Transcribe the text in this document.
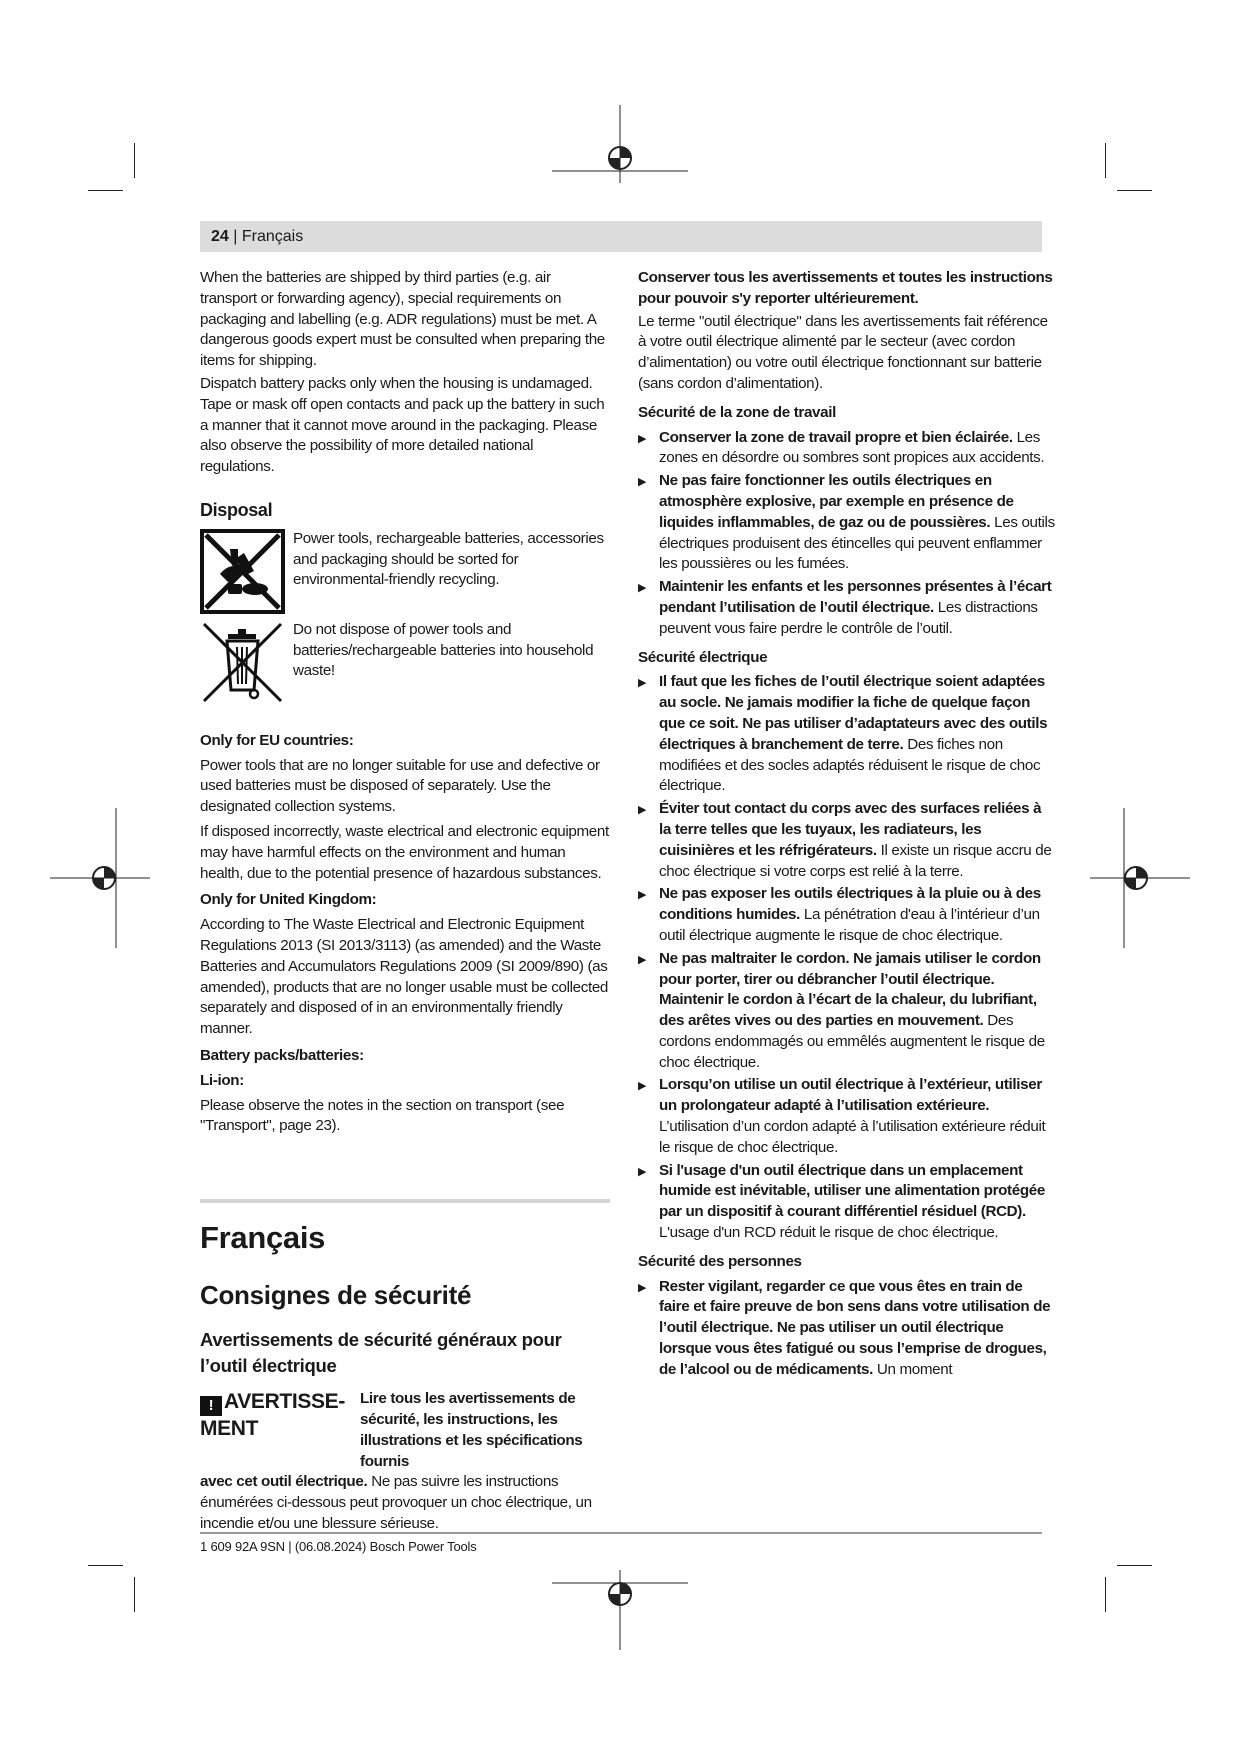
24 | Français

When the batteries are shipped by third parties (e.g. air transport or forwarding agency), special requirements on packaging and labelling (e.g. ADR regulations) must be met. A dangerous goods expert must be consulted when preparing the items for shipping.

Dispatch battery packs only when the housing is undamaged. Tape or mask off open contacts and pack up the battery in such a manner that it cannot move around in the packaging. Please also observe the possibility of more detailed national regulations.

Disposal
Power tools, rechargeable batteries, accessories and packaging should be sorted for environmental-friendly recycling.
Do not dispose of power tools and batteries/rechargeable batteries into household waste!
Only for EU countries:

Power tools that are no longer suitable for use and defective or used batteries must be disposed of separately. Use the designated collection systems.

If disposed incorrectly, waste electrical and electronic equipment may have harmful effects on the environment and human health, due to the potential presence of hazardous substances.

Only for United Kingdom:

According to The Waste Electrical and Electronic Equipment Regulations 2013 (SI 2013/3113) (as amended) and the Waste Batteries and Accumulators Regulations 2009 (SI 2009/890) (as amended), products that are no longer usable must be collected separately and disposed of in an environmentally friendly manner.

Battery packs/batteries:
Li-ion:

Please observe the notes in the section on transport (see "Transport", page 23).

Français
Consignes de sécurité
Avertissements de sécurité généraux pour l’outil électrique
! AVERTISSE-
MENT
Lire tous les avertissements de sécurité, les instructions, les illustrations et les spécifications fournis

avec cet outil électrique. Ne pas suivre les instructions énumérées ci-dessous peut provoquer un choc électrique, un incendie et/ou une blessure sérieuse.

Conserver tous les avertissements et toutes les instructions pour pouvoir s'y reporter ultérieurement.

Le terme "outil électrique" dans les avertissements fait référence à votre outil électrique alimenté par le secteur (avec cordon d’alimentation) ou votre outil électrique fonctionnant sur batterie (sans cordon d’alimentation).

Sécurité de la zone de travail

▶ Conserver la zone de travail propre et bien éclairée. Les zones en désordre ou sombres sont propices aux accidents.

▶ Ne pas faire fonctionner les outils électriques en atmosphère explosive, par exemple en présence de liquides inflammables, de gaz ou de poussières. Les outils électriques produisent des étincelles qui peuvent enflammer les poussières ou les fumées.

▶ Maintenir les enfants et les personnes présentes à l’écart pendant l’utilisation de l’outil électrique. Les distractions peuvent vous faire perdre le contrôle de l’outil.

Sécurité électrique

▶ Il faut que les fiches de l’outil électrique soient adaptées au socle. Ne jamais modifier la fiche de quelque façon que ce soit. Ne pas utiliser d’adaptateurs avec des outils électriques à branchement de terre. Des fiches non modifiées et des socles adaptés réduisent le risque de choc électrique.

▶ Éviter tout contact du corps avec des surfaces reliées à la terre telles que les tuyaux, les radiateurs, les cuisinières et les réfrigérateurs. Il existe un risque accru de choc électrique si votre corps est relié à la terre.

▶ Ne pas exposer les outils électriques à la pluie ou à des conditions humides. La pénétration d'eau à l’intérieur d’un outil électrique augmente le risque de choc électrique.

▶ Ne pas maltraiter le cordon. Ne jamais utiliser le cordon pour porter, tirer ou débrancher l’outil électrique. Maintenir le cordon à l’écart de la chaleur, du lubrifiant, des arêtes vives ou des parties en mouvement. Des cordons endommagés ou emmêlés augmentent le risque de choc électrique.

▶ Lorsqu’on utilise un outil électrique à l’extérieur, utiliser un prolongateur adapté à l’utilisation extérieure. L’utilisation d’un cordon adapté à l’utilisation extérieure réduit le risque de choc électrique.

▶ Si l'usage d'un outil électrique dans un emplacement humide est inévitable, utiliser une alimentation protégée par un dispositif à courant différentiel résiduel (RCD). L'usage d'un RCD réduit le risque de choc électrique.

Sécurité des personnes

▶ Rester vigilant, regarder ce que vous êtes en train de faire et faire preuve de bon sens dans votre utilisation de l’outil électrique. Ne pas utiliser un outil électrique lorsque vous êtes fatigué ou sous l’emprise de drogues, de l’alcool ou de médicaments. Un moment

1 609 92A 9SN | (06.08.2024) Bosch Power Tools
